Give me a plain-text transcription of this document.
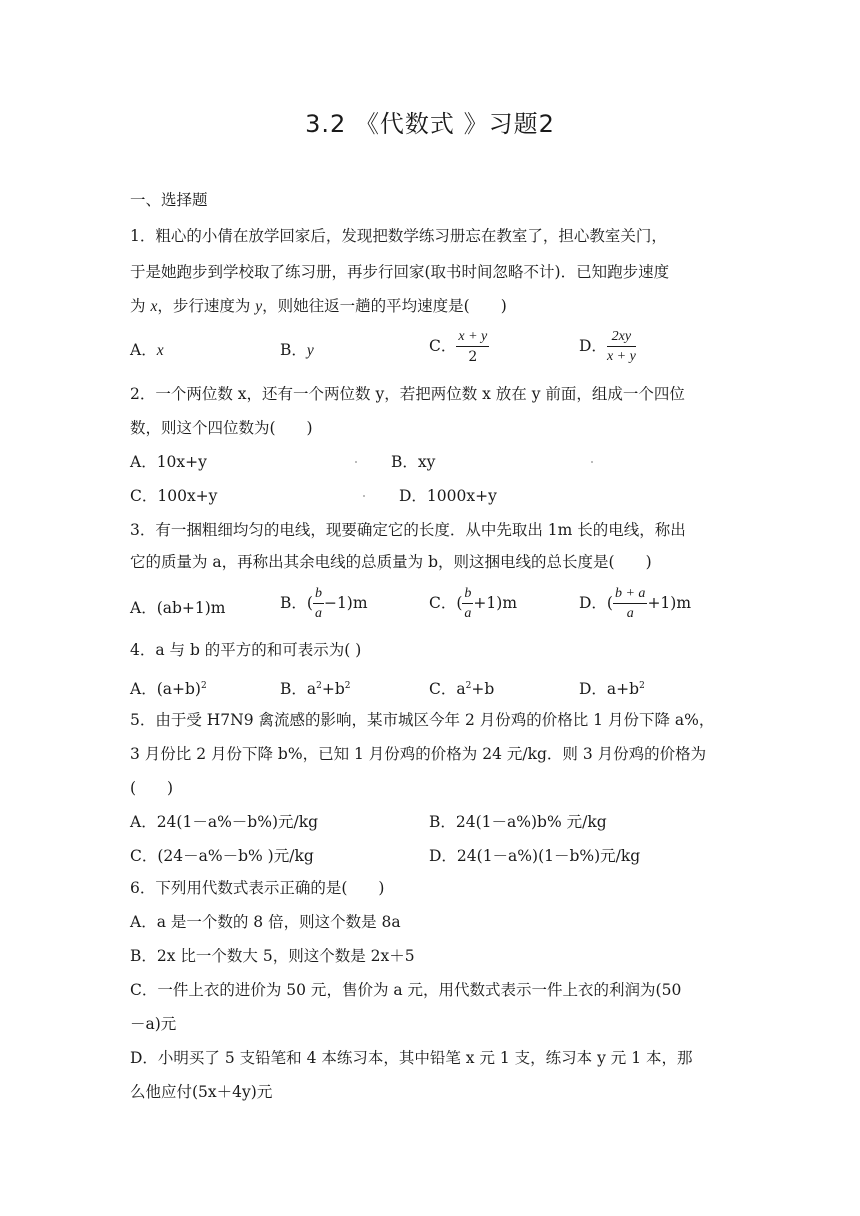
3.2 《代数式 》习题2
一、选择题
1．粗心的小倩在放学回家后，发现把数学练习册忘在教室了，担心教室关门，
于是她跑步到学校取了练习册，再步行回家(取书时间忽略不计)．已知跑步速度
为 x，步行速度为 y，则她往返一趟的平均速度是(　　)
A．x	B．y	C． $\frac{x + y}{2}$	D． $\frac{2xy}{x + y}$
2．一个两位数 x，还有一个两位数 y，若把两位数 x 放在 y 前面，组成一个四位
数，则这个四位数为(　　)
A．10x+y	B．xy
C．100x+y	D．1000x+y
3．有一捆粗细均匀的电线，现要确定它的长度．从中先取出 1m 长的电线，称出
它的质量为 a，再称出其余电线的总质量为 b，则这捆电线的总长度是(　　)
A．(ab+1)m	B．( $\frac{b}{a} -1)m$	C．( $\frac{b}{a} +1)m$	D．( $\frac{b + a}{a} +1)m$
4．a 与 b 的平方的和可表示为( )
A．$(a+b)^2$	B．$a^2+b^2$	C．$a^2+b$	D．$a+b^2$
5．由于受 H7N9 禽流感的影响，某市城区今年 2 月份鸡的价格比 1 月份下降 a%，
3 月份比 2 月份下降 b%，已知 1 月份鸡的价格为 24 元/kg．则 3 月份鸡的价格为
(　　)
A．24(1－a%－b%)元/kg	B．24(1－a%)b% 元/kg
C．(24－a%－b% )元/kg	D．24(1－a%)(1－b%)元/kg
6．下列用代数式表示正确的是(　　)
A．a 是一个数的 8 倍，则这个数是 8a
B．2x 比一个数大 5，则这个数是 2x＋5
C．一件上衣的进价为 50 元，售价为 a 元，用代数式表示一件上衣的利润为(50
－a)元
D．小明买了 5 支铅笔和 4 本练习本，其中铅笔 x 元 1 支，练习本 y 元 1 本，那
么他应付(5x＋4y)元
